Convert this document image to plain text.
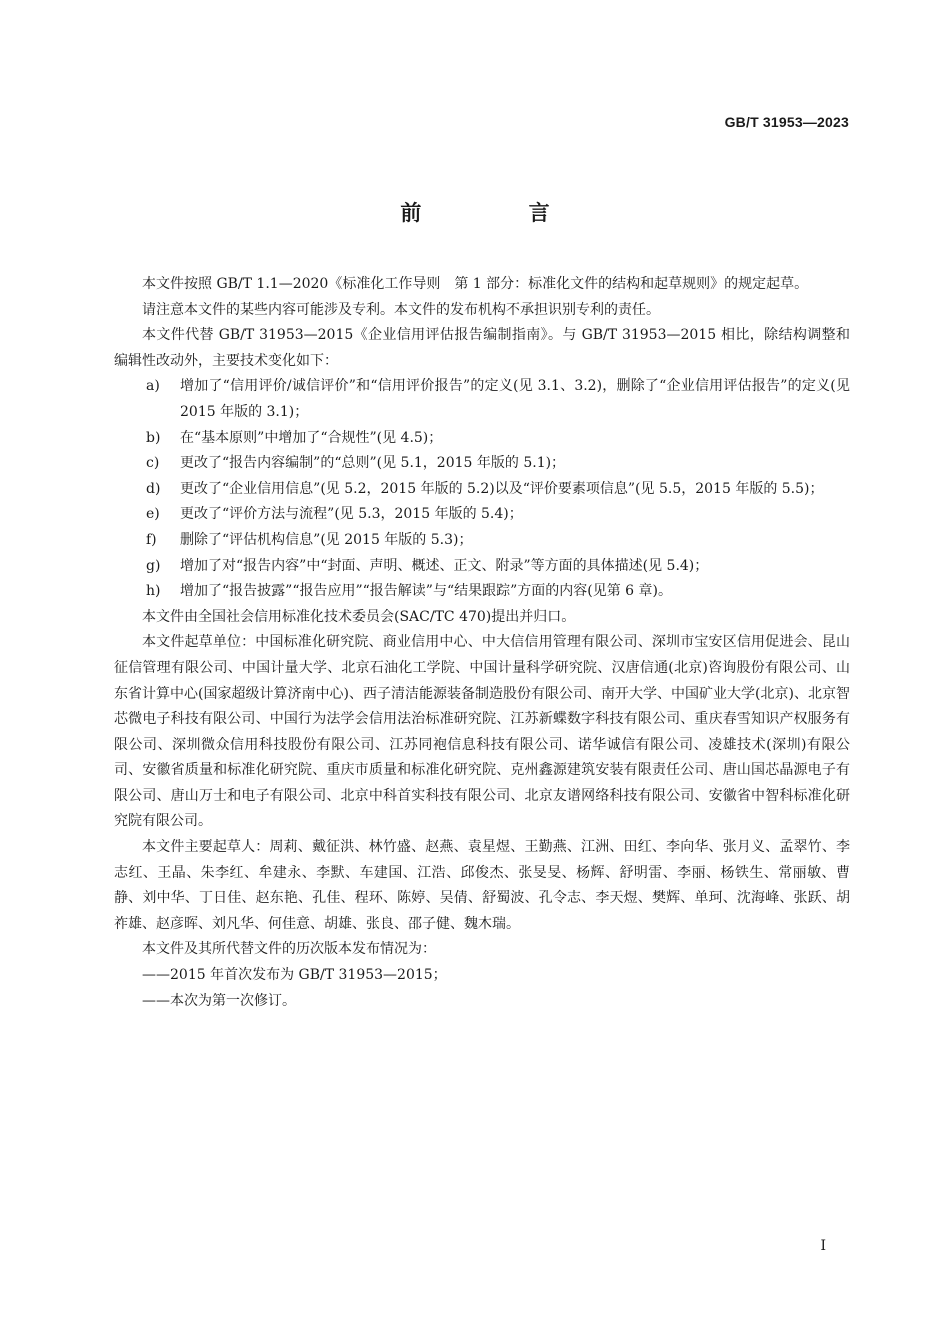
GB/T 31953—2023
前 言

本文件按照 GB/T 1.1—2020《标准化工作导则　第 1 部分：标准化文件的结构和起草规则》的规定起草。

请注意本文件的某些内容可能涉及专利。本文件的发布机构不承担识别专利的责任。

本文件代替 GB/T 31953—2015《企业信用评估报告编制指南》。与 GB/T 31953—2015 相比，除结构调整和编辑性改动外，主要技术变化如下：

a) 增加了“信用评价/诚信评价”和“信用评价报告”的定义(见 3.1、3.2)，删除了“企业信用评估报告”的定义(见 2015 年版的 3.1)；

b) 在“基本原则”中增加了“合规性”(见 4.5)；

c) 更改了“报告内容编制”的“总则”(见 5.1，2015 年版的 5.1)；

d) 更改了“企业信用信息”(见 5.2，2015 年版的 5.2)以及“评价要素项信息”(见 5.5，2015 年版的 5.5)；

e) 更改了“评价方法与流程”(见 5.3，2015 年版的 5.4)；

f) 删除了“评估机构信息”(见 2015 年版的 5.3)；

g) 增加了对“报告内容”中“封面、声明、概述、正文、附录”等方面的具体描述(见 5.4)；

h) 增加了“报告披露”“报告应用”“报告解读”与“结果跟踪”方面的内容(见第 6 章)。

本文件由全国社会信用标准化技术委员会(SAC/TC 470)提出并归口。

本文件起草单位：中国标准化研究院、商业信用中心、中大信信用管理有限公司、深圳市宝安区信用促进会、昆山征信管理有限公司、中国计量大学、北京石油化工学院、中国计量科学研究院、汉唐信通(北京)咨询股份有限公司、山东省计算中心(国家超级计算济南中心)、西子清洁能源装备制造股份有限公司、南开大学、中国矿业大学(北京)、北京智芯微电子科技有限公司、中国行为法学会信用法治标准研究院、江苏新蝶数字科技有限公司、重庆春雪知识产权服务有限公司、深圳微众信用科技股份有限公司、江苏同袍信息科技有限公司、诺华诚信有限公司、凌雄技术(深圳)有限公司、安徽省质量和标准化研究院、重庆市质量和标准化研究院、克州鑫源建筑安装有限责任公司、唐山国芯晶源电子有限公司、唐山万士和电子有限公司、北京中科首实科技有限公司、北京友谱网络科技有限公司、安徽省中智科标准化研究院有限公司。

本文件主要起草人：周莉、戴征洪、林竹盛、赵燕、袁星煜、王勤燕、江洲、田红、李向华、张月义、孟翠竹、李志红、王晶、朱李红、牟建永、李默、车建国、江浩、邱俊杰、张旻旻、杨辉、舒明雷、李丽、杨铁生、常丽敏、曹静、刘中华、丁日佳、赵东艳、孔佳、程环、陈婷、吴倩、舒蜀波、孔令志、李天煜、樊辉、单珂、沈海峰、张跃、胡祚雄、赵彦晖、刘凡华、何佳意、胡雄、张良、邵子健、魏木瑞。

本文件及其所代替文件的历次版本发布情况为：

——2015 年首次发布为 GB/T 31953—2015；

——本次为第一次修订。

I
